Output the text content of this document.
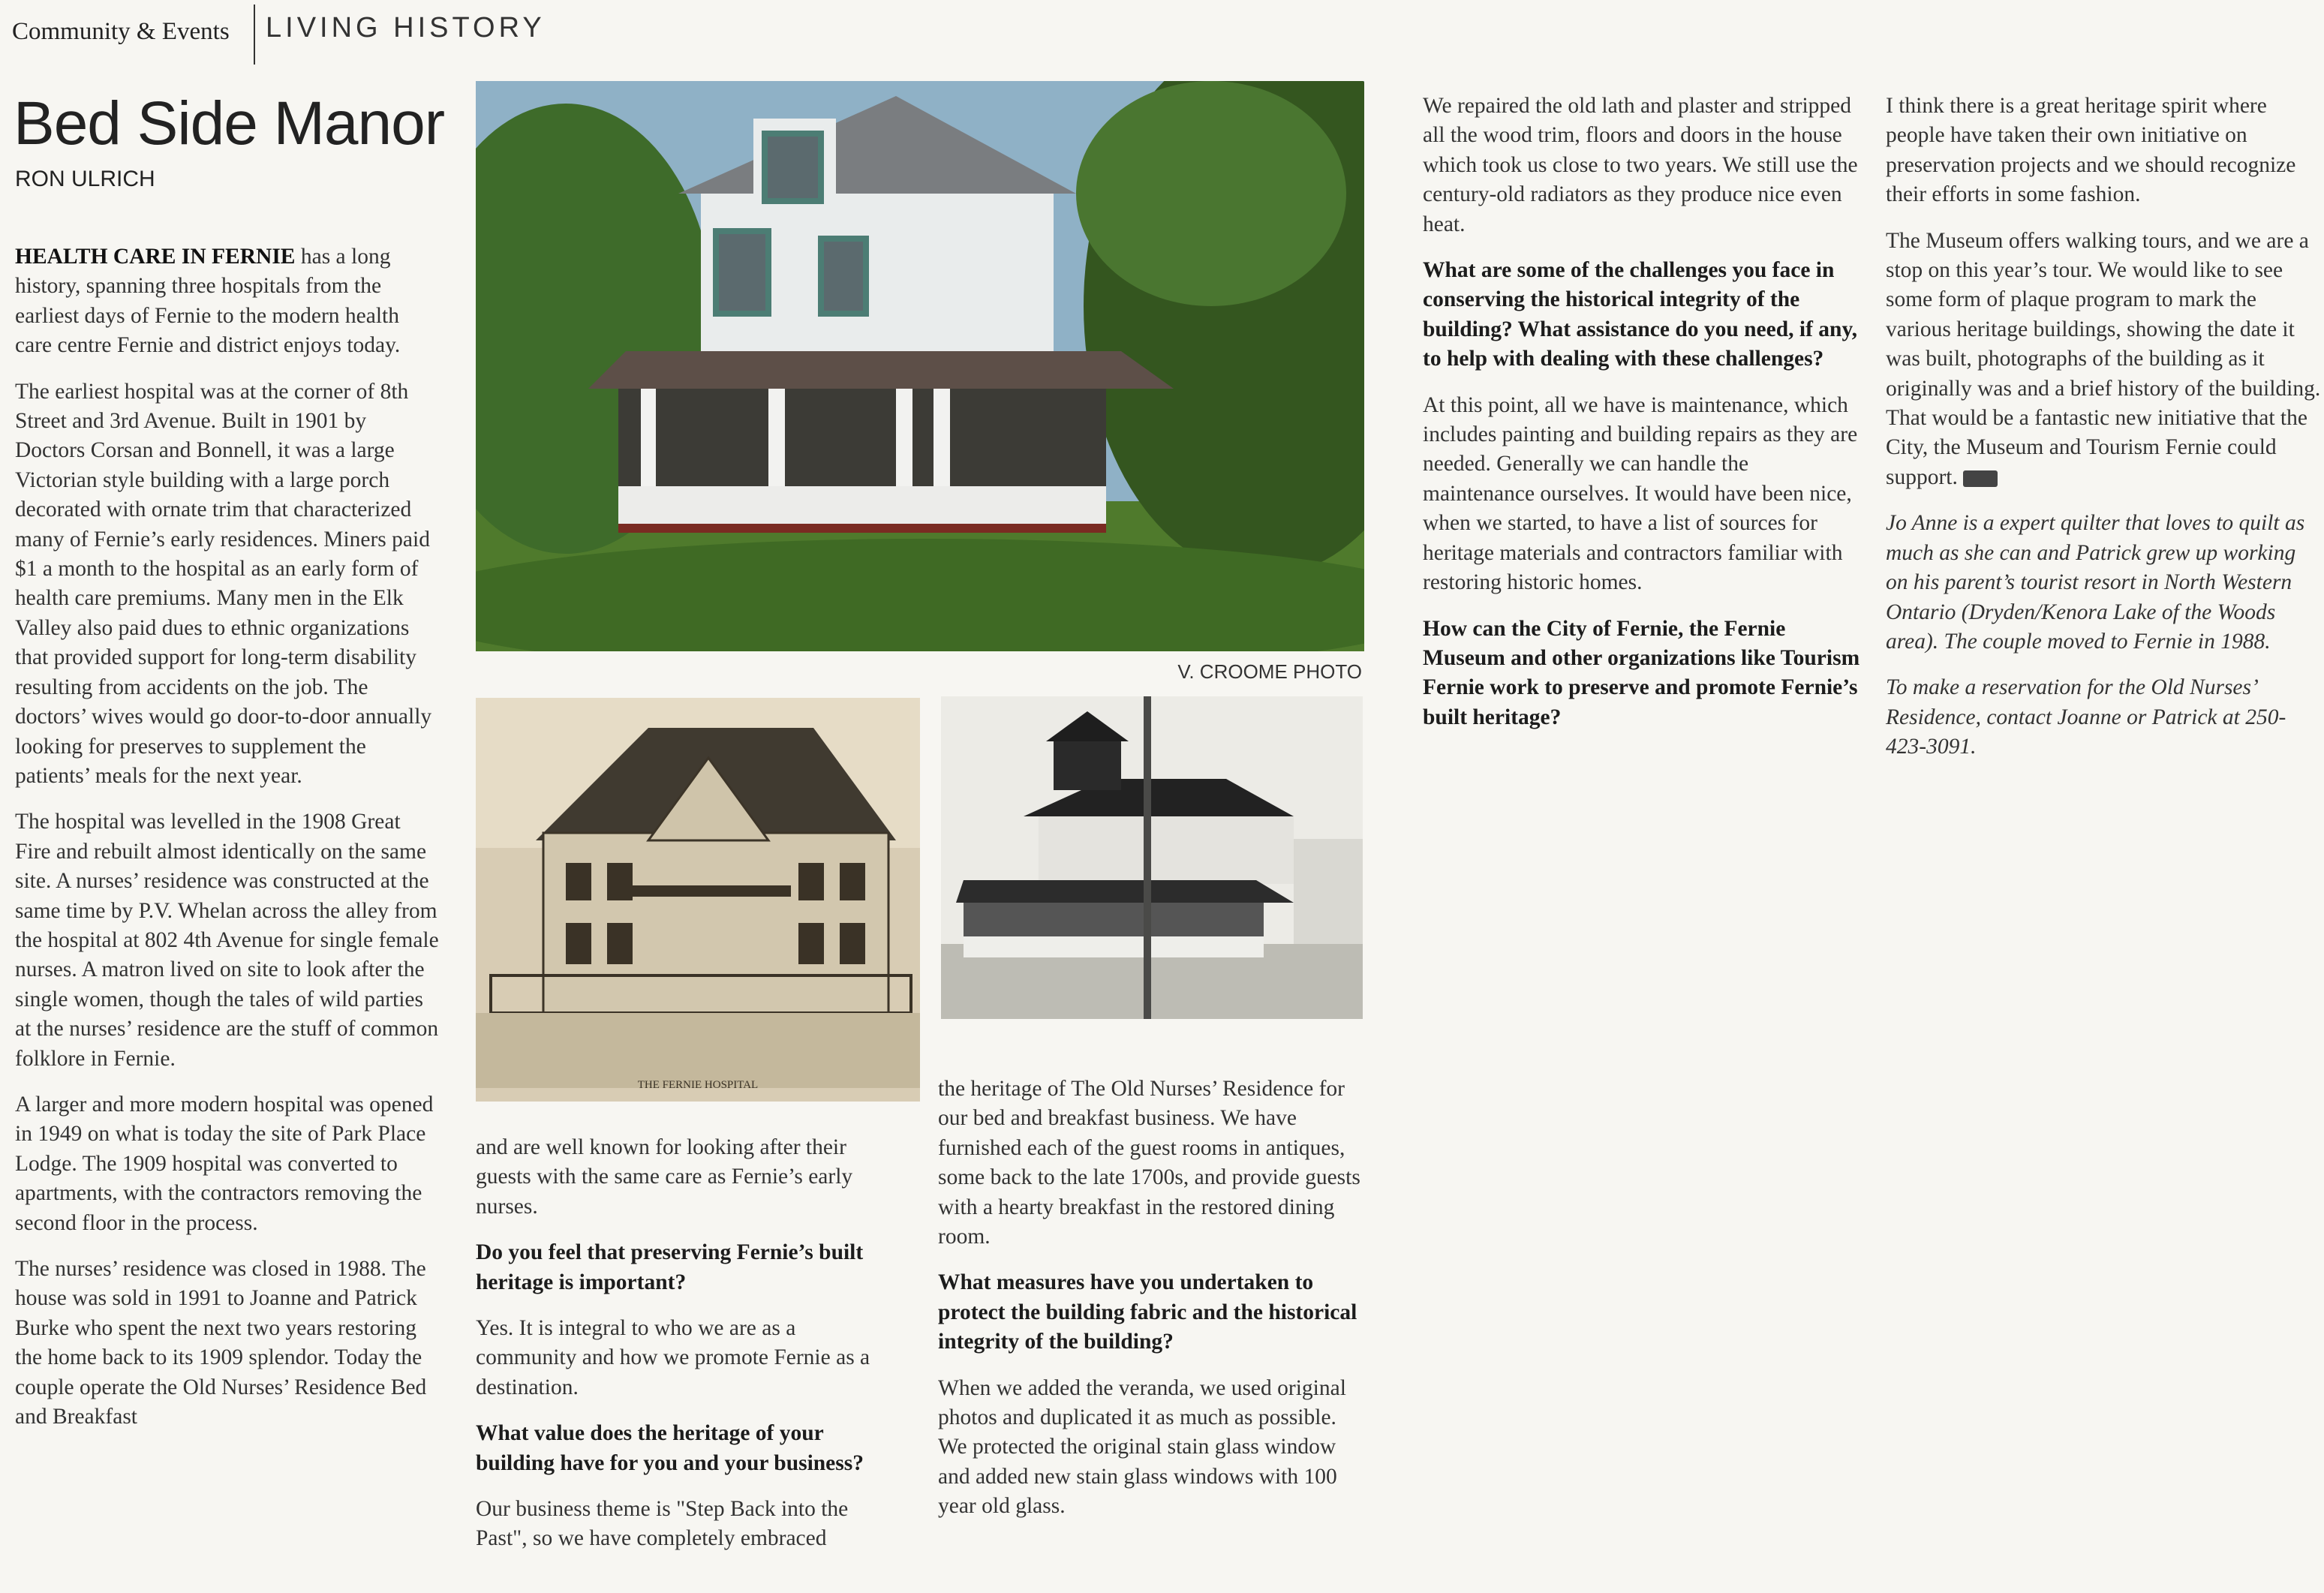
Community & Events LIVING HISTORY
Bed Side Manor
RON ULRICH

HEALTH CARE IN FERNIE has a long history, spanning three hospitals from the earliest days of Fernie to the modern health care centre Fernie and district enjoys today.

The earliest hospital was at the corner of 8th Street and 3rd Avenue. Built in 1901 by Doctors Corsan and Bonnell, it was a large Victorian style building with a large porch decorated with ornate trim that characterized many of Fernie’s early residences. Miners paid $1 a month to the hospital as an early form of health care premiums. Many men in the Elk Valley also paid dues to ethnic organizations that provided support for long-term disability resulting from accidents on the job. The doctors’ wives would go door-to-door annually looking for preserves to supplement the patients’ meals for the next year.

The hospital was levelled in the 1908 Great Fire and rebuilt almost identically on the same site. A nurses’ residence was constructed at the same time by P.V. Whelan across the alley from the hospital at 802 4th Avenue for single female nurses. A matron lived on site to look after the single women, though the tales of wild parties at the nurses’ residence are the stuff of common folklore in Fernie.

A larger and more modern hospital was opened in 1949 on what is today the site of Park Place Lodge. The 1909 hospital was converted to apartments, with the contractors removing the second floor in the process.

The nurses’ residence was closed in 1988. The house was sold in 1991 to Joanne and Patrick Burke who spent the next two years restoring the home back to its 1909 splendor. Today the couple operate the Old Nurses’ Residence Bed and Breakfast

V. CROOME PHOTO
THE FERNIE HOSPITAL

and are well known for looking after their guests with the same care as Fernie’s early nurses.

Do you feel that preserving Fernie’s built heritage is important?

Yes. It is integral to who we are as a community and how we promote Fernie as a destination.

What value does the heritage of your building have for you and your business?

Our business theme is "Step Back into the Past", so we have completely embraced

the heritage of The Old Nurses’ Residence for our bed and breakfast business. We have furnished each of the guest rooms in antiques, some back to the late 1700s, and provide guests with a hearty breakfast in the restored dining room.

What measures have you undertaken to protect the building fabric and the historical integrity of the building?

When we added the veranda, we used original photos and duplicated it as much as possible. We protected the original stain glass window and added new stain glass windows with 100 year old glass.

We repaired the old lath and plaster and stripped all the wood trim, floors and doors in the house which took us close to two years. We still use the century-old radiators as they produce nice even heat.

What are some of the challenges you face in conserving the historical integrity of the building? What assistance do you need, if any, to help with dealing with these challenges?

At this point, all we have is maintenance, which includes painting and building repairs as they are needed. Generally we can handle the maintenance ourselves. It would have been nice, when we started, to have a list of sources for heritage materials and contractors familiar with restoring historic homes.

How can the City of Fernie, the Fernie Museum and other organizations like Tourism Fernie work to preserve and promote Fernie’s built heritage?

I think there is a great heritage spirit where people have taken their own initiative on preservation projects and we should recognize their efforts in some fashion.

The Museum offers walking tours, and we are a stop on this year’s tour. We would like to see some form of plaque program to mark the various heritage buildings, showing the date it was built, photographs of the building as it originally was and a brief history of the building. That would be a fantastic new initiative that the City, the Museum and Tourism Fernie could support.

Jo Anne is a expert quilter that loves to quilt as much as she can and Patrick grew up working on his parent’s tourist resort in North Western Ontario (Dryden/Kenora Lake of the Woods area). The couple moved to Fernie in 1988.

To make a reservation for the Old Nurses’ Residence, contact Joanne or Patrick at 250-423-3091.
